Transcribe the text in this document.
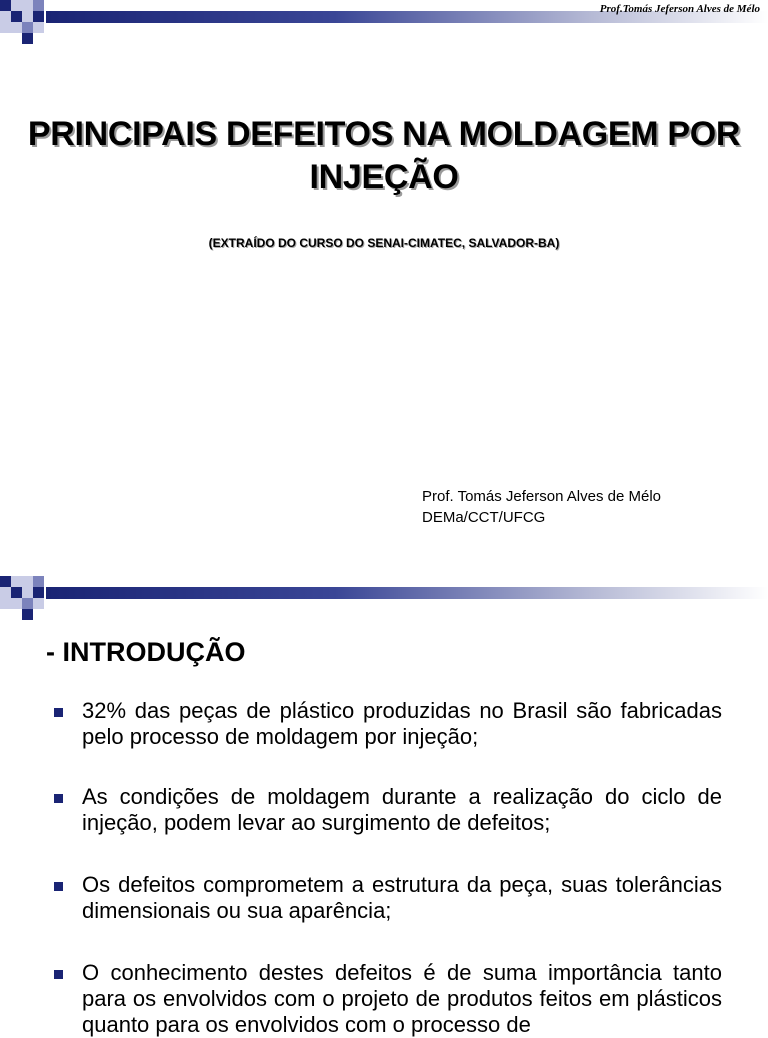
Prof.Tomás Jeferson Alves de Mélo
PRINCIPAIS DEFEITOS NA MOLDAGEM POR INJEÇÃO
(EXTRAÍDO DO CURSO DO SENAI-CIMATEC, SALVADOR-BA)
Prof. Tomás Jeferson Alves de Mélo
DEMa/CCT/UFCG
- INTRODUÇÃO
32% das peças de plástico produzidas no Brasil são fabricadas pelo processo de moldagem por injeção;
As condições de moldagem durante a realização do ciclo de injeção, podem levar ao surgimento de defeitos;
Os defeitos comprometem a estrutura da peça, suas tolerâncias dimensionais ou sua aparência;
O conhecimento destes defeitos é de suma importância tanto para os envolvidos com o projeto de produtos feitos em plásticos quanto para os envolvidos com o processo de
